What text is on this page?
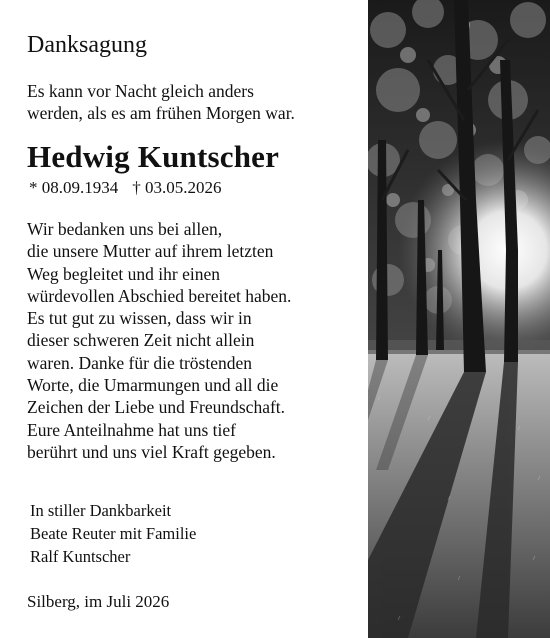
Danksagung
Es kann vor Nacht gleich anders
werden, als es am frühen Morgen war.
Hedwig Kuntscher
* 08.09.1934 † 03.05.2026
Wir bedanken uns bei allen,
die unsere Mutter auf ihrem letzten
Weg begleitet und ihr einen
würdevollen Abschied bereitet haben.
Es tut gut zu wissen, dass wir in
dieser schweren Zeit nicht allein
waren. Danke für die tröstenden
Worte, die Umarmungen und all die
Zeichen der Liebe und Freundschaft.
Eure Anteilnahme hat uns tief
berührt und uns viel Kraft gegeben.
In stiller Dankbarkeit
Beate Reuter mit Familie
Ralf Kuntscher
Silberg, im Juli 2026
